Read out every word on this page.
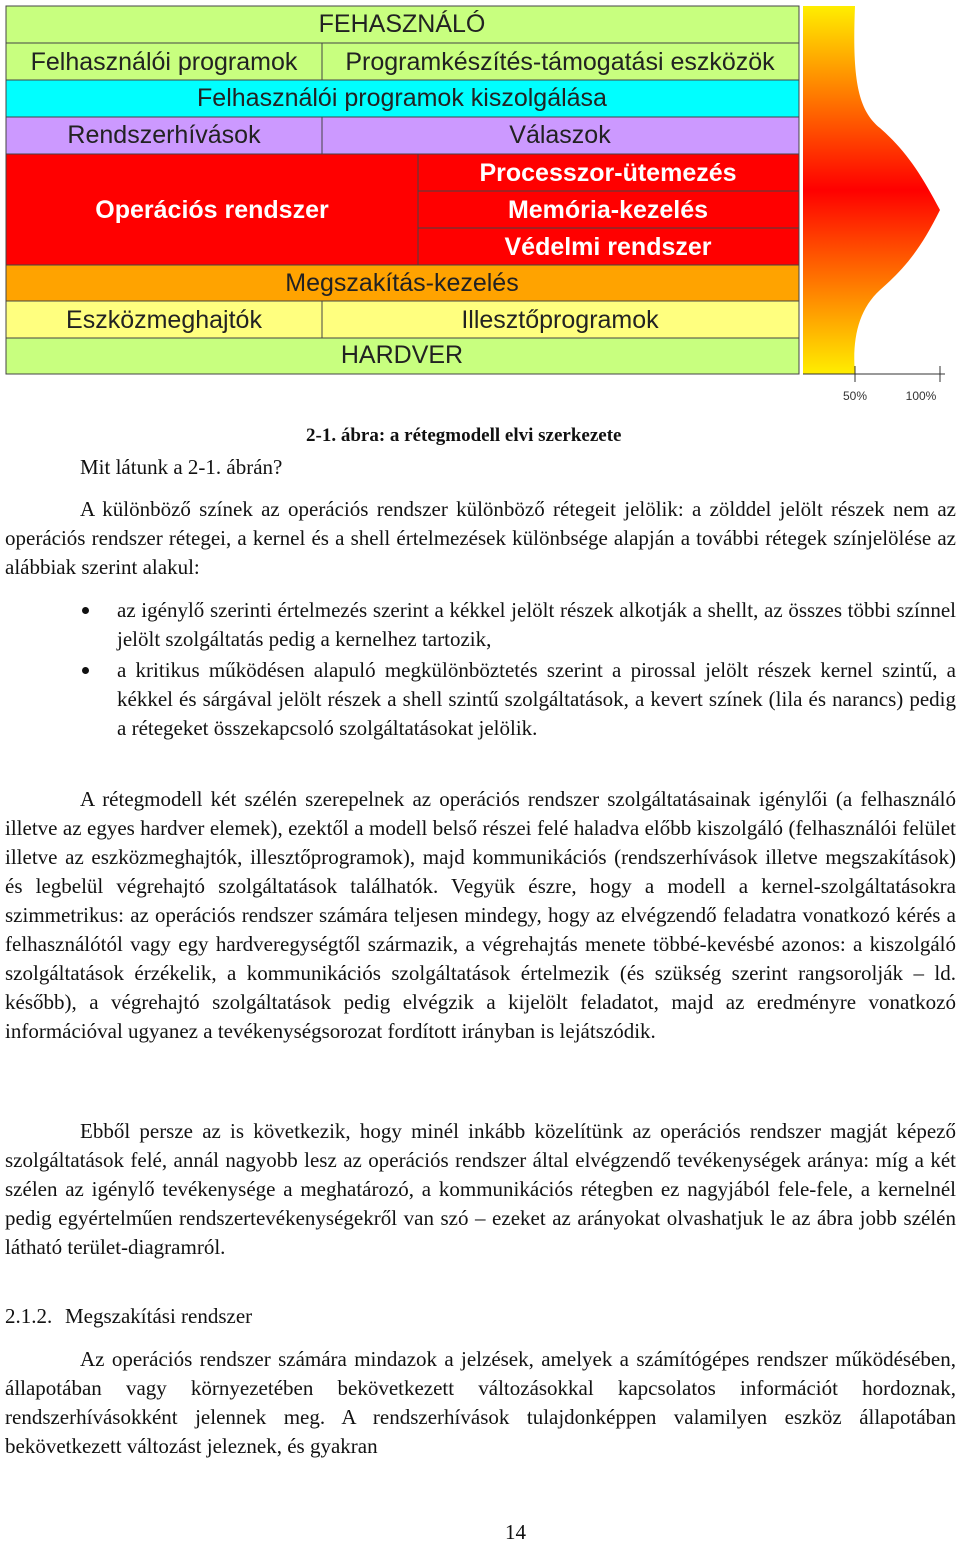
FEHASZNÁLÓ
Felhasználói programok Programkészítés-támogatási eszközök
Felhasználói programok kiszolgálása
Rendszerhívások	Válaszok
Operációs rendszer
Processzor-ütemezés
Memória-kezelés
Védelmi rendszer
Megszakítás-kezelés
Eszközmeghajtók	Illesztőprogramok
HARDVER
50%	100%
2-1. ábra: a rétegmodell elvi szerkezete
Mit látunk a 2-1. ábrán?

A különböző színek az operációs rendszer különböző rétegeit jelölik: a zölddel jelölt részek nem az operációs rendszer rétegei, a kernel és a shell értelmezések különbsége alapján a további rétegek színjelölése az alábbiak szerint alakul:

az igénylő szerinti értelmezés szerint a kékkel jelölt részek alkotják a shellt, az összes többi színnel jelölt szolgáltatás pedig a kernelhez tartozik,
a kritikus működésen alapuló megkülönböztetés szerint a pirossal jelölt részek kernel szintű, a kékkel és sárgával jelölt részek a shell szintű szolgáltatások, a kevert színek (lila és narancs) pedig a rétegeket összekapcsoló szolgáltatásokat jelölik.

A rétegmodell két szélén szerepelnek az operációs rendszer szolgáltatásainak igénylői (a felhasználó illetve az egyes hardver elemek), ezektől a modell belső részei felé haladva előbb kiszolgáló (felhasználói felület illetve az eszközmeghajtók, illesztőprogramok), majd kommunikációs (rendszerhívások illetve megszakítások) és legbelül végrehajtó szolgáltatások találhatók. Vegyük észre, hogy a modell a kernel-szolgáltatásokra szimmetrikus: az operációs rendszer számára teljesen mindegy, hogy az elvégzendő feladatra vonatkozó kérés a felhasználótól vagy egy hardveregységtől származik, a végrehajtás menete többé-kevésbé azonos: a kiszolgáló szolgáltatások érzékelik, a kommunikációs szolgáltatások értelmezik (és szükség szerint rangsorolják – ld. később), a végrehajtó szolgáltatások pedig elvégzik a kijelölt feladatot, majd az eredményre vonatkozó információval ugyanez a tevékenységsorozat fordított irányban is lejátszódik.

Ebből persze az is következik, hogy minél inkább közelítünk az operációs rendszer magját képező szolgáltatások felé, annál nagyobb lesz az operációs rendszer által elvégzendő tevékenységek aránya: míg a két szélen az igénylő tevékenysége a meghatározó, a kommunikációs rétegben ez nagyjából fele-fele, a kernelnél pedig egyértelműen rendszertevékenységekről van szó – ezeket az arányokat olvashatjuk le az ábra jobb szélén látható terület-diagramról.

2.1.2. Megszakítási rendszer

Az operációs rendszer számára mindazok a jelzések, amelyek a számítógépes rendszer működésében, állapotában vagy környezetében bekövetkezett változásokkal kapcsolatos információt hordoznak, rendszerhívásokként jelennek meg. A rendszerhívások tulajdonképpen valamilyen eszköz állapotában bekövetkezett változást jeleznek, és gyakran

14
